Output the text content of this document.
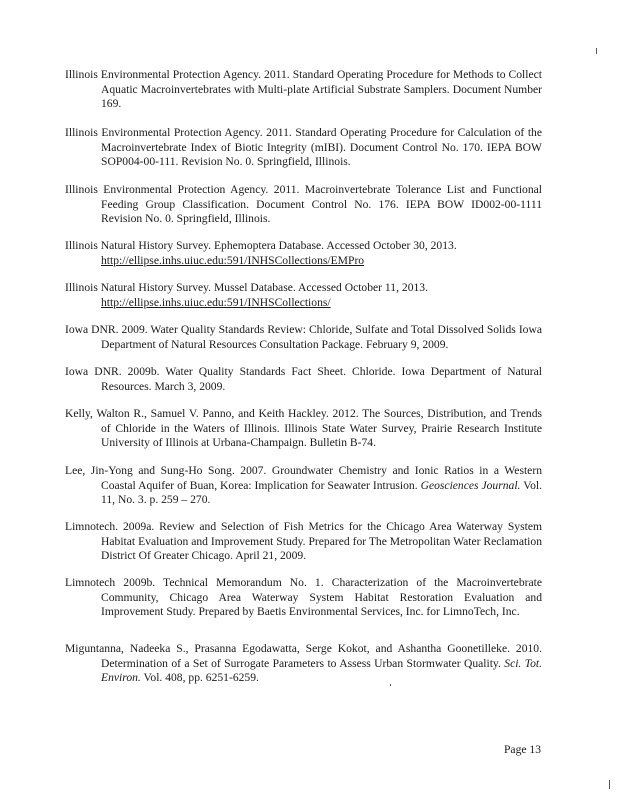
Illinois Environmental Protection Agency. 2011. Standard Operating Procedure for Methods to Collect Aquatic Macroinvertebrates with Multi-plate Artificial Substrate Samplers. Document Number 169.
Illinois Environmental Protection Agency. 2011. Standard Operating Procedure for Calculation of the Macroinvertebrate Index of Biotic Integrity (mIBI). Document Control No. 170. IEPA BOW SOP004-00-111. Revision No. 0. Springfield, Illinois.
Illinois Environmental Protection Agency. 2011. Macroinvertebrate Tolerance List and Functional Feeding Group Classification. Document Control No. 176. IEPA BOW ID002-00-1111 Revision No. 0. Springfield, Illinois.
Illinois Natural History Survey. Ephemoptera Database. Accessed October 30, 2013.
http://ellipse.inhs.uiuc.edu:591/INHSCollections/EMPro
Illinois Natural History Survey. Mussel Database. Accessed October 11, 2013.
http://ellipse.inhs.uiuc.edu:591/INHSCollections/
Iowa DNR. 2009. Water Quality Standards Review: Chloride, Sulfate and Total Dissolved Solids Iowa Department of Natural Resources Consultation Package. February 9, 2009.
Iowa DNR. 2009b. Water Quality Standards Fact Sheet. Chloride. Iowa Department of Natural Resources. March 3, 2009.
Kelly, Walton R., Samuel V. Panno, and Keith Hackley. 2012. The Sources, Distribution, and Trends of Chloride in the Waters of Illinois. Illinois State Water Survey, Prairie Research Institute University of Illinois at Urbana-Champaign. Bulletin B-74.
Lee, Jin-Yong and Sung-Ho Song. 2007. Groundwater Chemistry and Ionic Ratios in a Western Coastal Aquifer of Buan, Korea: Implication for Seawater Intrusion. Geosciences Journal. Vol. 11, No. 3. p. 259 – 270.
Limnotech. 2009a. Review and Selection of Fish Metrics for the Chicago Area Waterway System Habitat Evaluation and Improvement Study. Prepared for The Metropolitan Water Reclamation District Of Greater Chicago. April 21, 2009.
Limnotech 2009b. Technical Memorandum No. 1. Characterization of the Macroinvertebrate Community, Chicago Area Waterway System Habitat Restoration Evaluation and Improvement Study. Prepared by Baetis Environmental Services, Inc. for LimnoTech, Inc.
Miguntanna, Nadeeka S., Prasanna Egodawatta, Serge Kokot, and Ashantha Goonetilleke. 2010. Determination of a Set of Surrogate Parameters to Assess Urban Stormwater Quality. Sci. Tot. Environ. Vol. 408, pp. 6251-6259.
Page 13
